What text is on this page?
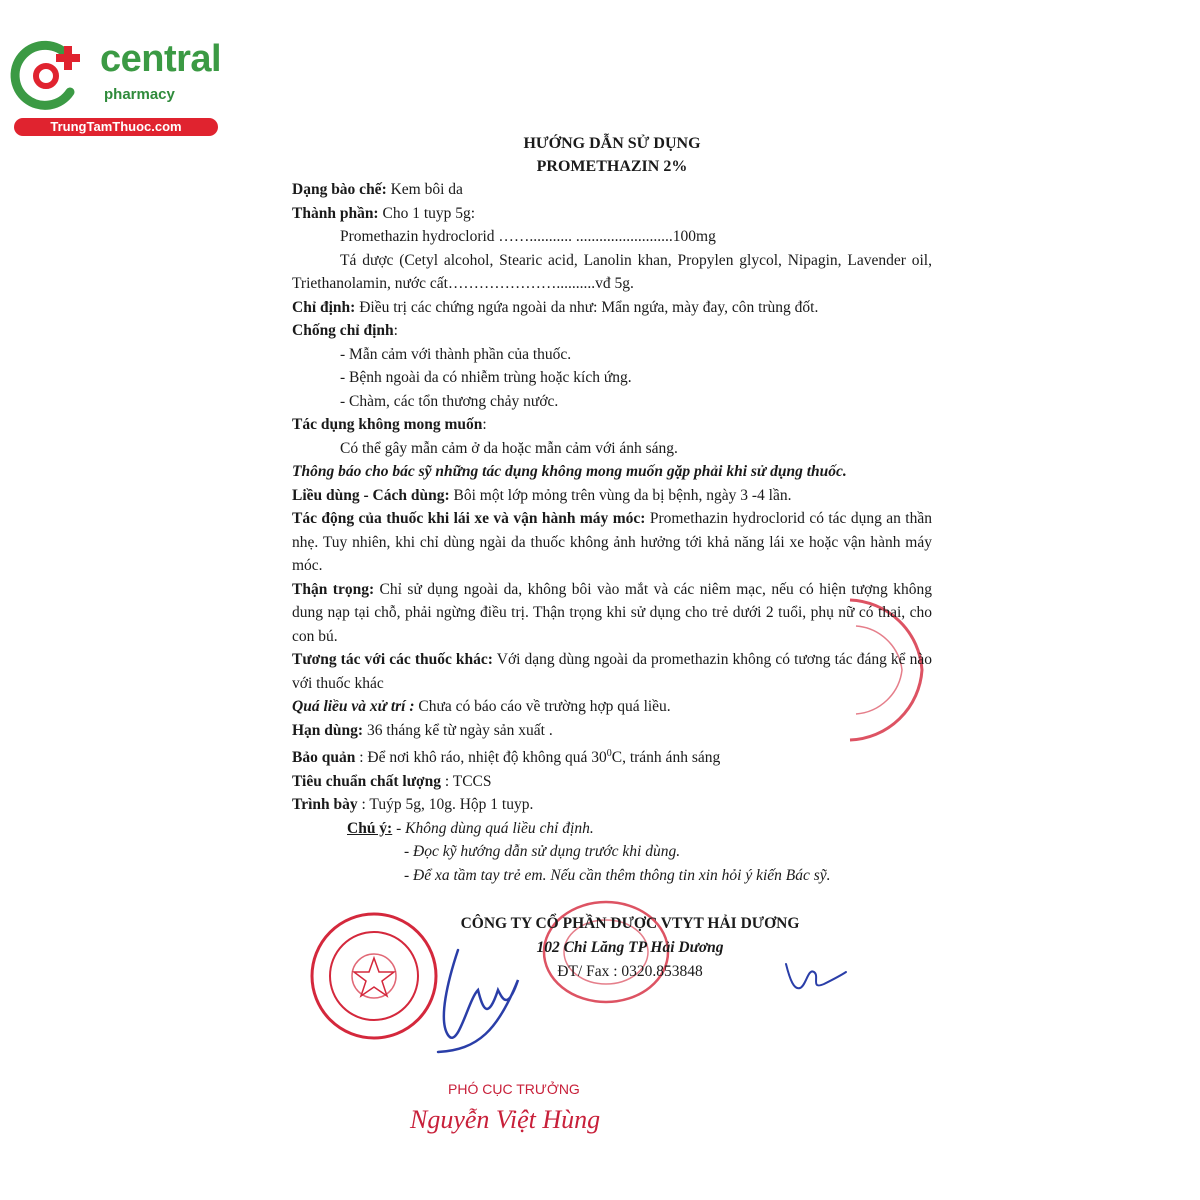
central
pharmacy
TrungTamThuoc.com
HƯỚNG DẪN SỬ DỤNG
PROMETHAZIN 2%
Dạng bào chế: Kem bôi da
Thành phần: Cho 1 tuyp 5g:
Promethazin hydroclorid ……........... .........................100mg
Tá dược (Cetyl alcohol, Stearic acid, Lanolin khan, Propylen glycol, Nipagin, Lavender oil, Triethanolamin, nước cất…………………..........vđ 5g.
Chỉ định: Điều trị các chứng ngứa ngoài da như: Mẩn ngứa, mày đay, côn trùng đốt.
Chống chỉ định:
- Mẫn cảm với thành phần của thuốc.
- Bệnh ngoài da có nhiễm trùng hoặc kích ứng.
- Chàm, các tổn thương chảy nước.
Tác dụng không mong muốn:
Có thể gây mẫn cảm ở da hoặc mẫn cảm với ánh sáng.
Thông báo cho bác sỹ những tác dụng không mong muốn gặp phải khi sử dụng thuốc.
Liều dùng - Cách dùng: Bôi một lớp mỏng trên vùng da bị bệnh, ngày 3 -4 lần.
Tác động của thuốc khi lái xe và vận hành máy móc: Promethazin hydroclorid có tác dụng an thần nhẹ. Tuy nhiên, khi chỉ dùng ngài da thuốc không ảnh hưởng tới khả năng lái xe hoặc vận hành máy móc.
Thận trọng: Chỉ sử dụng ngoài da, không bôi vào mắt và các niêm mạc, nếu có hiện tượng không dung nạp tại chỗ, phải ngừng điều trị. Thận trọng khi sử dụng cho trẻ dưới 2 tuổi, phụ nữ có thai, cho con bú.
Tương tác với các thuốc khác: Với dạng dùng ngoài da promethazin không có tương tác đáng kể nào với thuốc khác
Quá liều và xử trí : Chưa có báo cáo về trường hợp quá liều.
Hạn dùng: 36 tháng kể từ ngày sản xuất .
Bảo quản : Để nơi khô ráo, nhiệt độ không quá $30^0C$, tránh ánh sáng
Tiêu chuẩn chất lượng : TCCS
Trình bày : Tuýp 5g, 10g. Hộp 1 tuyp.
Chú ý: - Không dùng quá liều chỉ định.
- Đọc kỹ hướng dẫn sử dụng trước khi dùng.
- Để xa tầm tay trẻ em. Nếu cần thêm thông tin xin hỏi ý kiến Bác sỹ.
CÔNG TY CỔ PHẦN DƯỢC VTYT HẢI DƯƠNG
102 Chi Lăng TP Hải Dương
ĐT/ Fax : 0320.853848
PHÓ CỤC TRƯỞNG
Nguyễn Việt Hùng
